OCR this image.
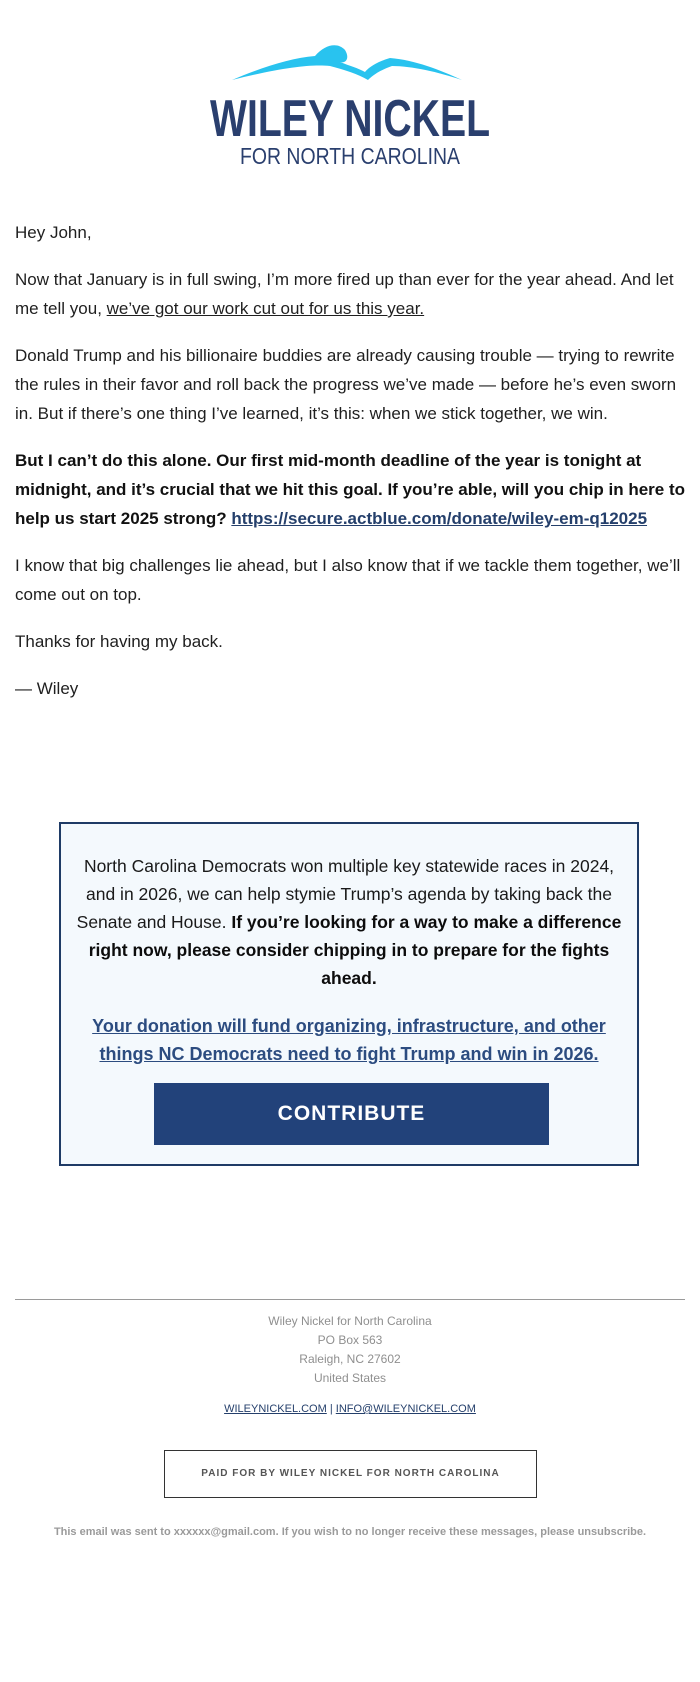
WILEY NICKEL
FOR NORTH CAROLINA

Hey John,

Now that January is in full swing, I’m more fired up than ever for the year ahead. And let me tell you, we’ve got our work cut out for us this year.

Donald Trump and his billionaire buddies are already causing trouble — trying to rewrite the rules in their favor and roll back the progress we’ve made — before he’s even sworn in. But if there’s one thing I’ve learned, it’s this: when we stick together, we win.

But I can’t do this alone. Our first mid-month deadline of the year is tonight at midnight, and it’s crucial that we hit this goal. If you’re able, will you chip in here to help us start 2025 strong? https://secure.actblue.com/donate/wiley-em-q12025

I know that big challenges lie ahead, but I also know that if we tackle them together, we’ll come out on top.

Thanks for having my back.

— Wiley

North Carolina Democrats won multiple key statewide races in 2024, and in 2026, we can help stymie Trump’s agenda by taking back the Senate and House. If you’re looking for a way to make a difference right now, please consider chipping in to prepare for the fights ahead.
Your donation will fund organizing, infrastructure, and other things NC Democrats need to fight Trump and win in 2026.
CONTRIBUTE
Wiley Nickel for North Carolina
PO Box 563
Raleigh, NC 27602
United States
WILEYNICKEL.COM | INFO@WILEYNICKEL.COM
PAID FOR BY WILEY NICKEL FOR NORTH CAROLINA
This email was sent to xxxxxx@gmail.com. If you wish to no longer receive these messages, please unsubscribe.
